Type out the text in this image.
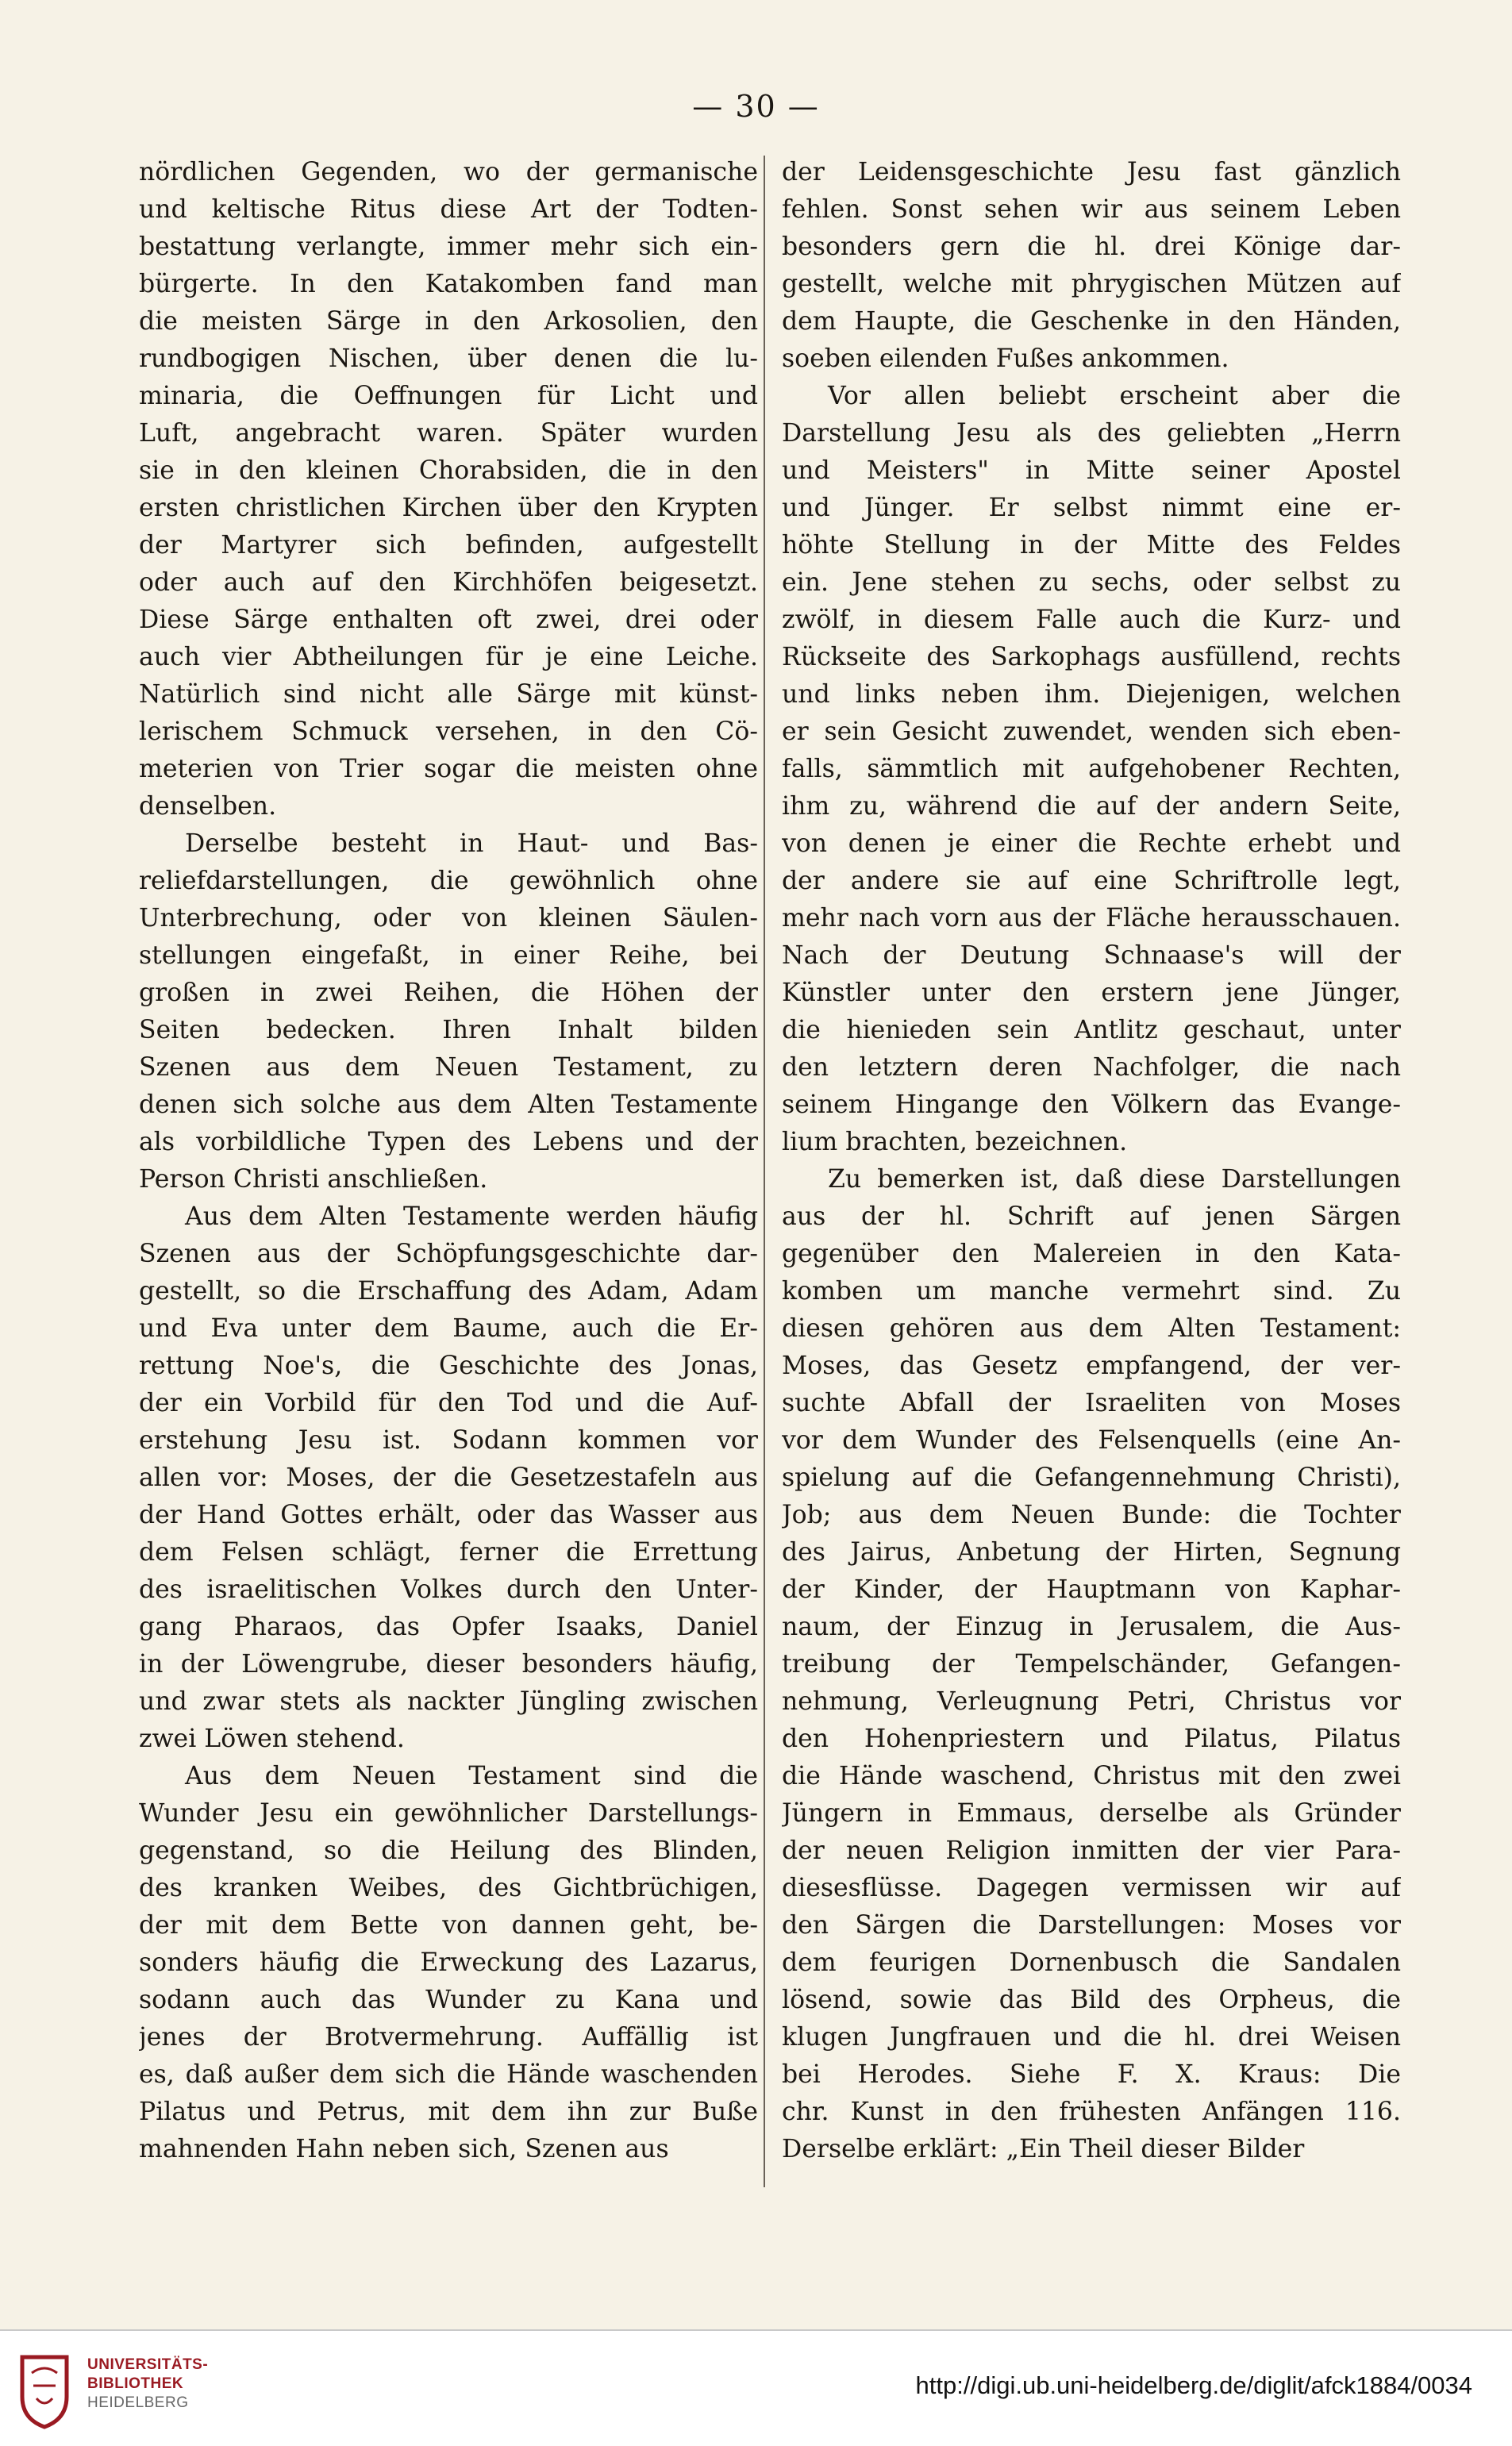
— 30 —
nördlichen Gegenden, wo der germanische
und keltische Ritus diese Art der Todten-
bestattung verlangte, immer mehr sich ein-
bürgerte. In den Katakomben fand man
die meisten Särge in den Arkosolien, den
rundbogigen Nischen, über denen die lu-
minaria, die Oeffnungen für Licht und
Luft, angebracht waren. Später wurden
sie in den kleinen Chorabsiden, die in den
ersten christlichen Kirchen über den Krypten
der Martyrer sich befinden, aufgestellt
oder auch auf den Kirchhöfen beigesetzt.
Diese Särge enthalten oft zwei, drei oder
auch vier Abtheilungen für je eine Leiche.
Natürlich sind nicht alle Särge mit künst-
lerischem Schmuck versehen, in den Cö-
meterien von Trier sogar die meisten ohne
denselben.
Derselbe besteht in Haut- und Bas-
reliefdarstellungen, die gewöhnlich ohne
Unterbrechung, oder von kleinen Säulen-
stellungen eingefaßt, in einer Reihe, bei
großen in zwei Reihen, die Höhen der
Seiten bedecken. Ihren Inhalt bilden
Szenen aus dem Neuen Testament, zu
denen sich solche aus dem Alten Testamente
als vorbildliche Typen des Lebens und der
Person Christi anschließen.
Aus dem Alten Testamente werden häufig
Szenen aus der Schöpfungsgeschichte dar-
gestellt, so die Erschaffung des Adam, Adam
und Eva unter dem Baume, auch die Er-
rettung Noe's, die Geschichte des Jonas,
der ein Vorbild für den Tod und die Auf-
erstehung Jesu ist. Sodann kommen vor
allen vor: Moses, der die Gesetzestafeln aus
der Hand Gottes erhält, oder das Wasser aus
dem Felsen schlägt, ferner die Errettung
des israelitischen Volkes durch den Unter-
gang Pharaos, das Opfer Isaaks, Daniel
in der Löwengrube, dieser besonders häufig,
und zwar stets als nackter Jüngling zwischen
zwei Löwen stehend.
Aus dem Neuen Testament sind die
Wunder Jesu ein gewöhnlicher Darstellungs-
gegenstand, so die Heilung des Blinden,
des kranken Weibes, des Gichtbrüchigen,
der mit dem Bette von dannen geht, be-
sonders häufig die Erweckung des Lazarus,
sodann auch das Wunder zu Kana und
jenes der Brotvermehrung. Auffällig ist
es, daß außer dem sich die Hände waschenden
Pilatus und Petrus, mit dem ihn zur Buße
mahnenden Hahn neben sich, Szenen aus
der Leidensgeschichte Jesu fast gänzlich
fehlen. Sonst sehen wir aus seinem Leben
besonders gern die hl. drei Könige dar-
gestellt, welche mit phrygischen Mützen auf
dem Haupte, die Geschenke in den Händen,
soeben eilenden Fußes ankommen.
Vor allen beliebt erscheint aber die
Darstellung Jesu als des geliebten „Herrn
und Meisters" in Mitte seiner Apostel
und Jünger. Er selbst nimmt eine er-
höhte Stellung in der Mitte des Feldes
ein. Jene stehen zu sechs, oder selbst zu
zwölf, in diesem Falle auch die Kurz- und
Rückseite des Sarkophags ausfüllend, rechts
und links neben ihm. Diejenigen, welchen
er sein Gesicht zuwendet, wenden sich eben-
falls, sämmtlich mit aufgehobener Rechten,
ihm zu, während die auf der andern Seite,
von denen je einer die Rechte erhebt und
der andere sie auf eine Schriftrolle legt,
mehr nach vorn aus der Fläche herausschauen.
Nach der Deutung Schnaase's will der
Künstler unter den erstern jene Jünger,
die hienieden sein Antlitz geschaut, unter
den letztern deren Nachfolger, die nach
seinem Hingange den Völkern das Evange-
lium brachten, bezeichnen.
Zu bemerken ist, daß diese Darstellungen
aus der hl. Schrift auf jenen Särgen
gegenüber den Malereien in den Kata-
komben um manche vermehrt sind. Zu
diesen gehören aus dem Alten Testament:
Moses, das Gesetz empfangend, der ver-
suchte Abfall der Israeliten von Moses
vor dem Wunder des Felsenquells (eine An-
spielung auf die Gefangennehmung Christi),
Job; aus dem Neuen Bunde: die Tochter
des Jairus, Anbetung der Hirten, Segnung
der Kinder, der Hauptmann von Kaphar-
naum, der Einzug in Jerusalem, die Aus-
treibung der Tempelschänder, Gefangen-
nehmung, Verleugnung Petri, Christus vor
den Hohenpriestern und Pilatus, Pilatus
die Hände waschend, Christus mit den zwei
Jüngern in Emmaus, derselbe als Gründer
der neuen Religion inmitten der vier Para-
diesesflüsse. Dagegen vermissen wir auf
den Särgen die Darstellungen: Moses vor
dem feurigen Dornenbusch die Sandalen
lösend, sowie das Bild des Orpheus, die
klugen Jungfrauen und die hl. drei Weisen
bei Herodes. Siehe F. X. Kraus: Die
chr. Kunst in den frühesten Anfängen 116.
Derselbe erklärt: „Ein Theil dieser Bilder
UNIVERSITÄTS-
BIBLIOTHEK
HEIDELBERG
http://digi.ub.uni-heidelberg.de/diglit/afck1884/0034
